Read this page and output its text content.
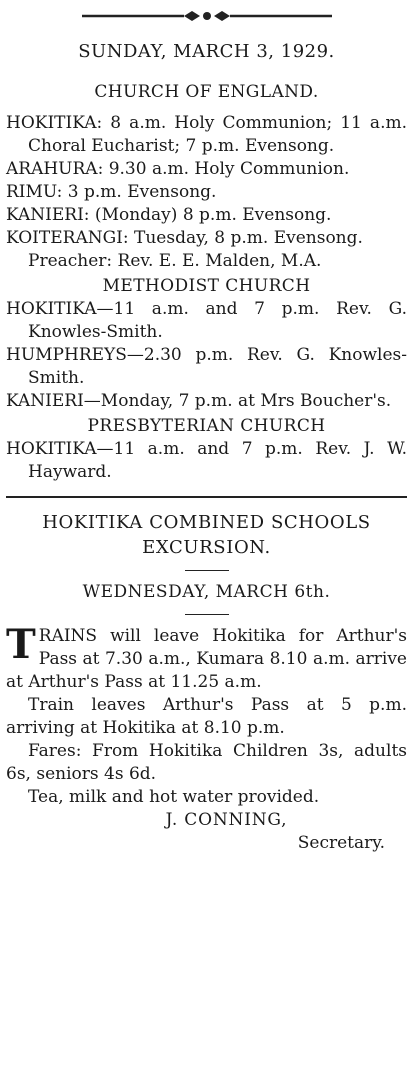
SUNDAY, MARCH 3, 1929.
CHURCH OF ENGLAND.

HOKITIKA: 8 a.m. Holy Communion; 11 a.m. Choral Eucharist; 7 p.m. Evensong.

ARAHURA: 9.30 a.m. Holy Communion.

RIMU: 3 p.m. Evensong.

KANIERI: (Monday) 8 p.m. Evensong.

KOITERANGI: Tuesday, 8 p.m. Evensong.

Preacher: Rev. E. E. Malden, M.A.

METHODIST CHURCH

HOKITIKA—11 a.m. and 7 p.m. Rev. G. Knowles-Smith.

HUMPHREYS—2.30 p.m. Rev. G. Knowles-Smith.

KANIERI—Monday, 7 p.m. at Mrs Boucher's.

PRESBYTERIAN CHURCH

HOKITIKA—11 a.m. and 7 p.m. Rev. J. W. Hayward.

HOKITIKA COMBINED SCHOOLS EXCURSION.
WEDNESDAY, MARCH 6th.

TRAINS will leave Hokitika for Arthur's Pass at 7.30 a.m., Kumara 8.10 a.m. arrive at Arthur's Pass at 11.25 a.m.

Train leaves Arthur's Pass at 5 p.m. arriving at Hokitika at 8.10 p.m.

Fares: From Hokitika Children 3s, adults 6s, seniors 4s 6d.

Tea, milk and hot water provided.

J. CONNING,
Secretary.
